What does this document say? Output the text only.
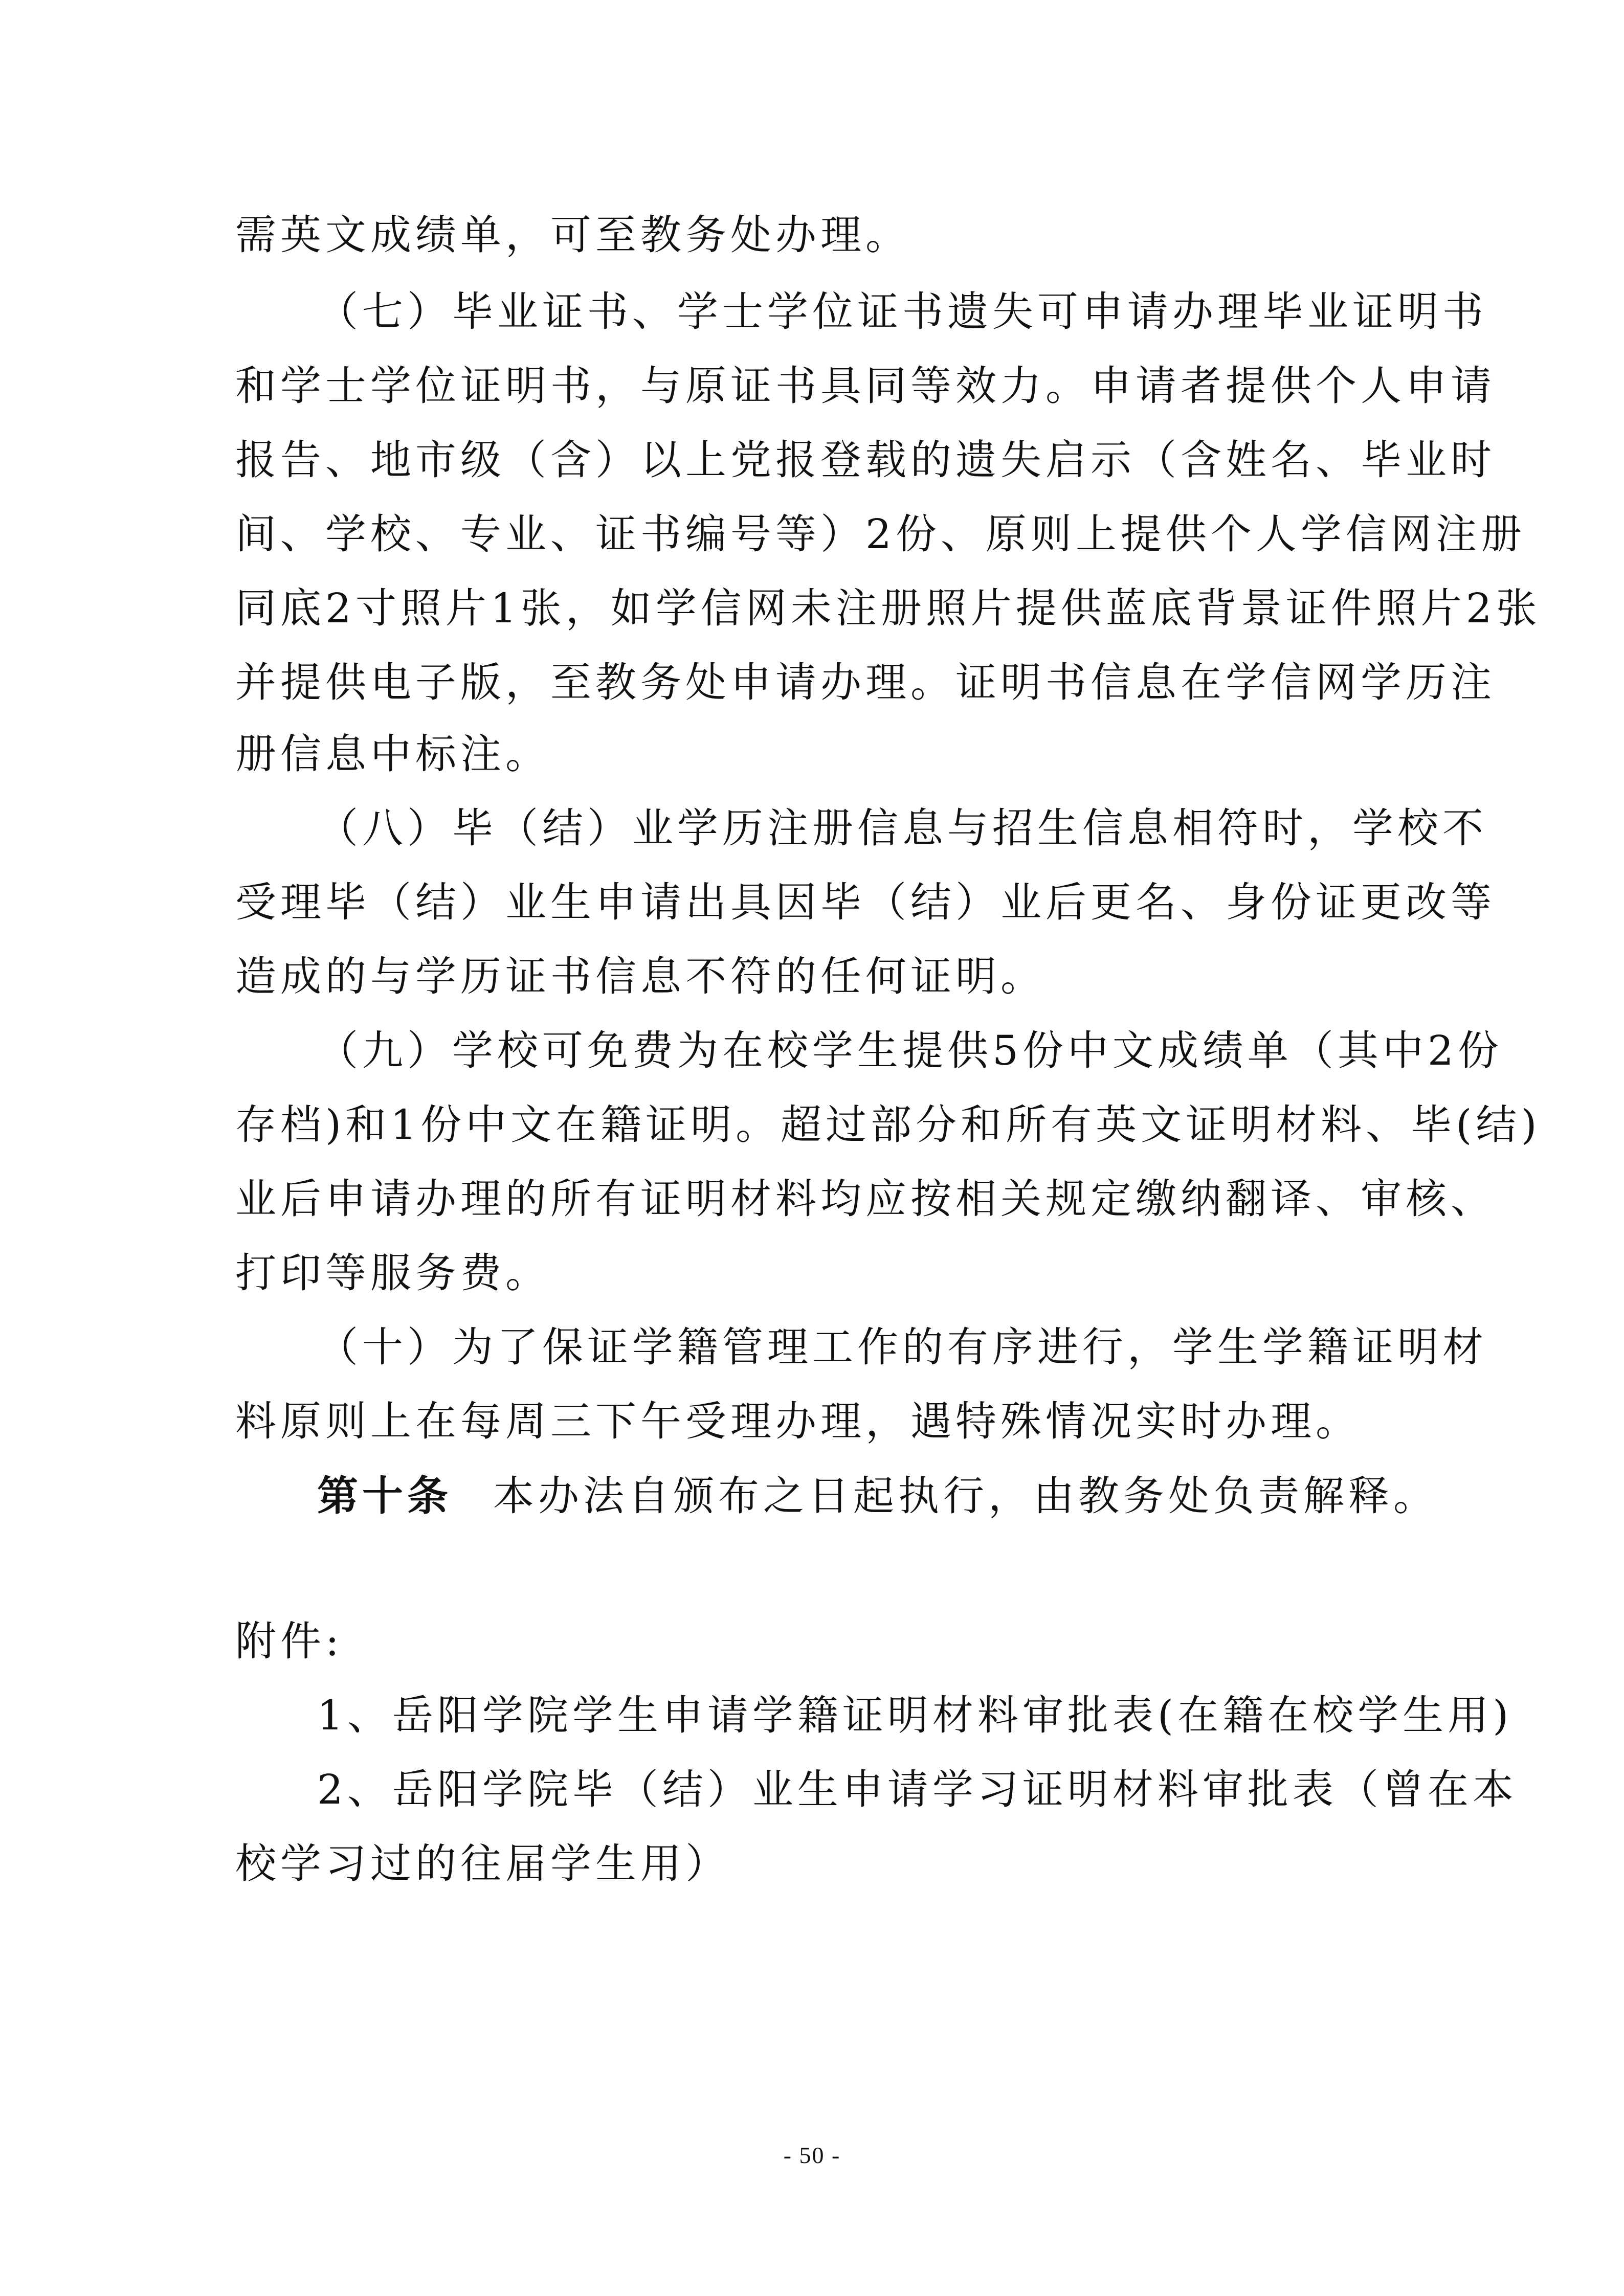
需英文成绩单，可至教务处办理。
（七）毕业证书、学士学位证书遗失可申请办理毕业证明书
和学士学位证明书，与原证书具同等效力。申请者提供个人申请
报告、地市级（含）以上党报登载的遗失启示（含姓名、毕业时
间、学校、专业、证书编号等）2份、原则上提供个人学信网注册
同底2寸照片1张，如学信网未注册照片提供蓝底背景证件照片2张
并提供电子版，至教务处申请办理。证明书信息在学信网学历注
册信息中标注。
（八）毕（结）业学历注册信息与招生信息相符时，学校不
受理毕（结）业生申请出具因毕（结）业后更名、身份证更改等
造成的与学历证书信息不符的任何证明。
（九）学校可免费为在校学生提供5份中文成绩单（其中2份
存档)和1份中文在籍证明。超过部分和所有英文证明材料、毕(结)
业后申请办理的所有证明材料均应按相关规定缴纳翻译、审核、
打印等服务费。
（十）为了保证学籍管理工作的有序进行，学生学籍证明材
料原则上在每周三下午受理办理，遇特殊情况实时办理。
第十条 本办法自颁布之日起执行，由教务处负责解释。
附件:
1、岳阳学院学生申请学籍证明材料审批表(在籍在校学生用)
2、岳阳学院毕（结）业生申请学习证明材料审批表（曾在本
校学习过的往届学生用）
- 50 -
